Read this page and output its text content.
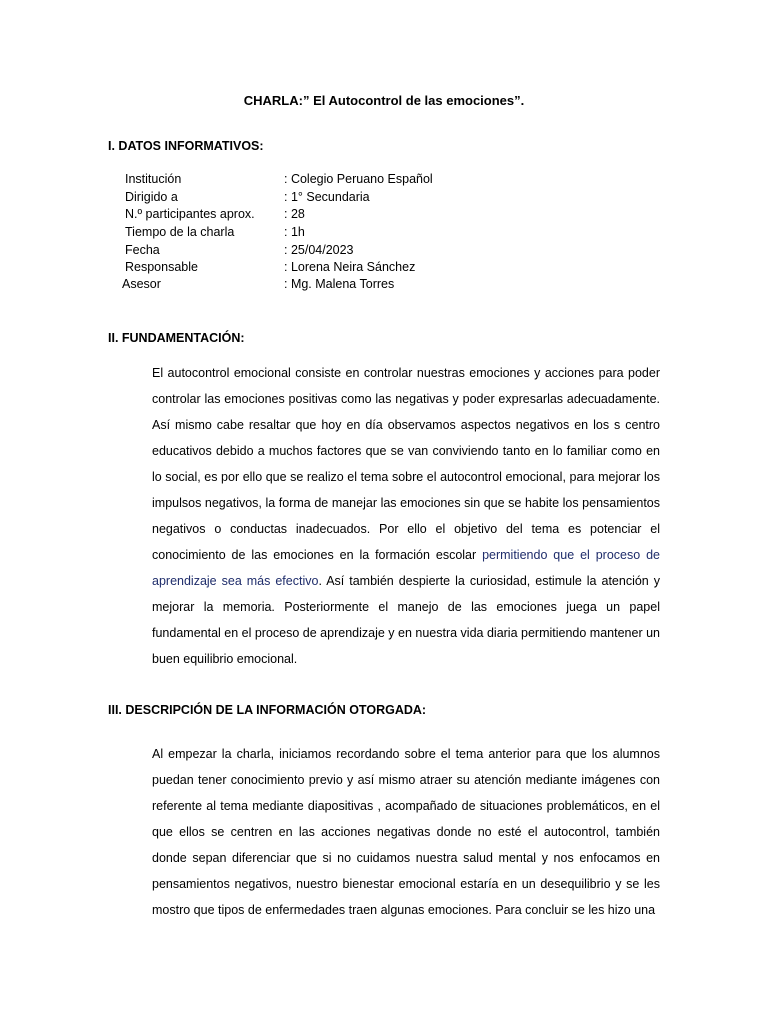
CHARLA:” El Autocontrol de las emociones”.
I. DATOS INFORMATIVOS:
Institución	: Colegio Peruano Español
Dirigido a	: 1° Secundaria
N.º participantes aprox. : 28
Tiempo de la charla	: 1h
Fecha	: 25/04/2023
Responsable	: Lorena Neira Sánchez
Asesor	: Mg. Malena Torres
II. FUNDAMENTACIÓN:

El autocontrol emocional consiste en controlar nuestras emociones y acciones para poder controlar las emociones positivas como las negativas y poder expresarlas adecuadamente. Así mismo cabe resaltar que hoy en día observamos aspectos negativos en los s centro educativos debido a muchos factores que se van conviviendo tanto en lo familiar como en lo social, es por ello que se realizo el tema sobre el autocontrol emocional, para mejorar los impulsos negativos, la forma de manejar las emociones sin que se habite los pensamientos negativos o conductas inadecuados. Por ello el objetivo del tema es potenciar el conocimiento de las emociones en la formación escolar permitiendo que el proceso de aprendizaje sea más efectivo. Así también despierte la curiosidad, estimule la atención y mejorar la memoria. Posteriormente el manejo de las emociones juega un papel fundamental en el proceso de aprendizaje y en nuestra vida diaria permitiendo mantener un buen equilibrio emocional.

III. DESCRIPCIÓN DE LA INFORMACIÓN OTORGADA:

Al empezar la charla, iniciamos recordando sobre el tema anterior para que los alumnos puedan tener conocimiento previo y así mismo atraer su atención mediante imágenes con referente al tema mediante diapositivas , acompañado de situaciones problemáticos, en el que ellos se centren en las acciones negativas donde no esté el autocontrol, también donde sepan diferenciar que si no cuidamos nuestra salud mental y nos enfocamos en pensamientos negativos, nuestro bienestar emocional estaría en un desequilibrio y se les mostro que tipos de enfermedades traen algunas emociones. Para concluir se les hizo una
